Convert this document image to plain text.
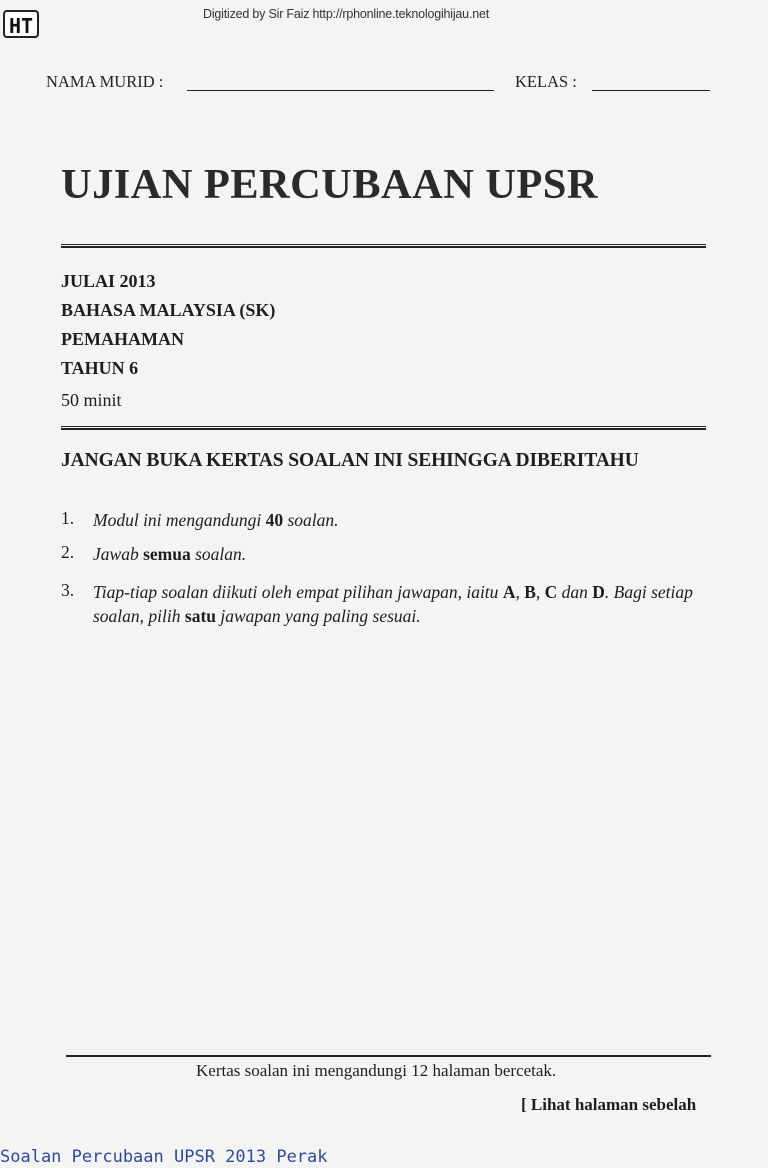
HT	Digitized by Sir Faiz http://rphonline.teknologihijau.net
NAMA MURID :	KELAS :
UJIAN PERCUBAAN UPSR
JULAI 2013
BAHASA MALAYSIA (SK)
PEMAHAMAN
TAHUN 6
50 minit
JANGAN BUKA KERTAS SOALAN INI SEHINGGA DIBERITAHU
1. Modul ini mengandungi 40 soalan.
2. Jawab semua soalan.
3. Tiap-tiap soalan diikuti oleh empat pilihan jawapan, iaitu A, B, C dan D. Bagi setiap soalan, pilih satu jawapan yang paling sesuai.
Kertas soalan ini mengandungi 12 halaman bercetak.
[ Lihat halaman sebelah
Soalan Percubaan UPSR 2013 Perak
